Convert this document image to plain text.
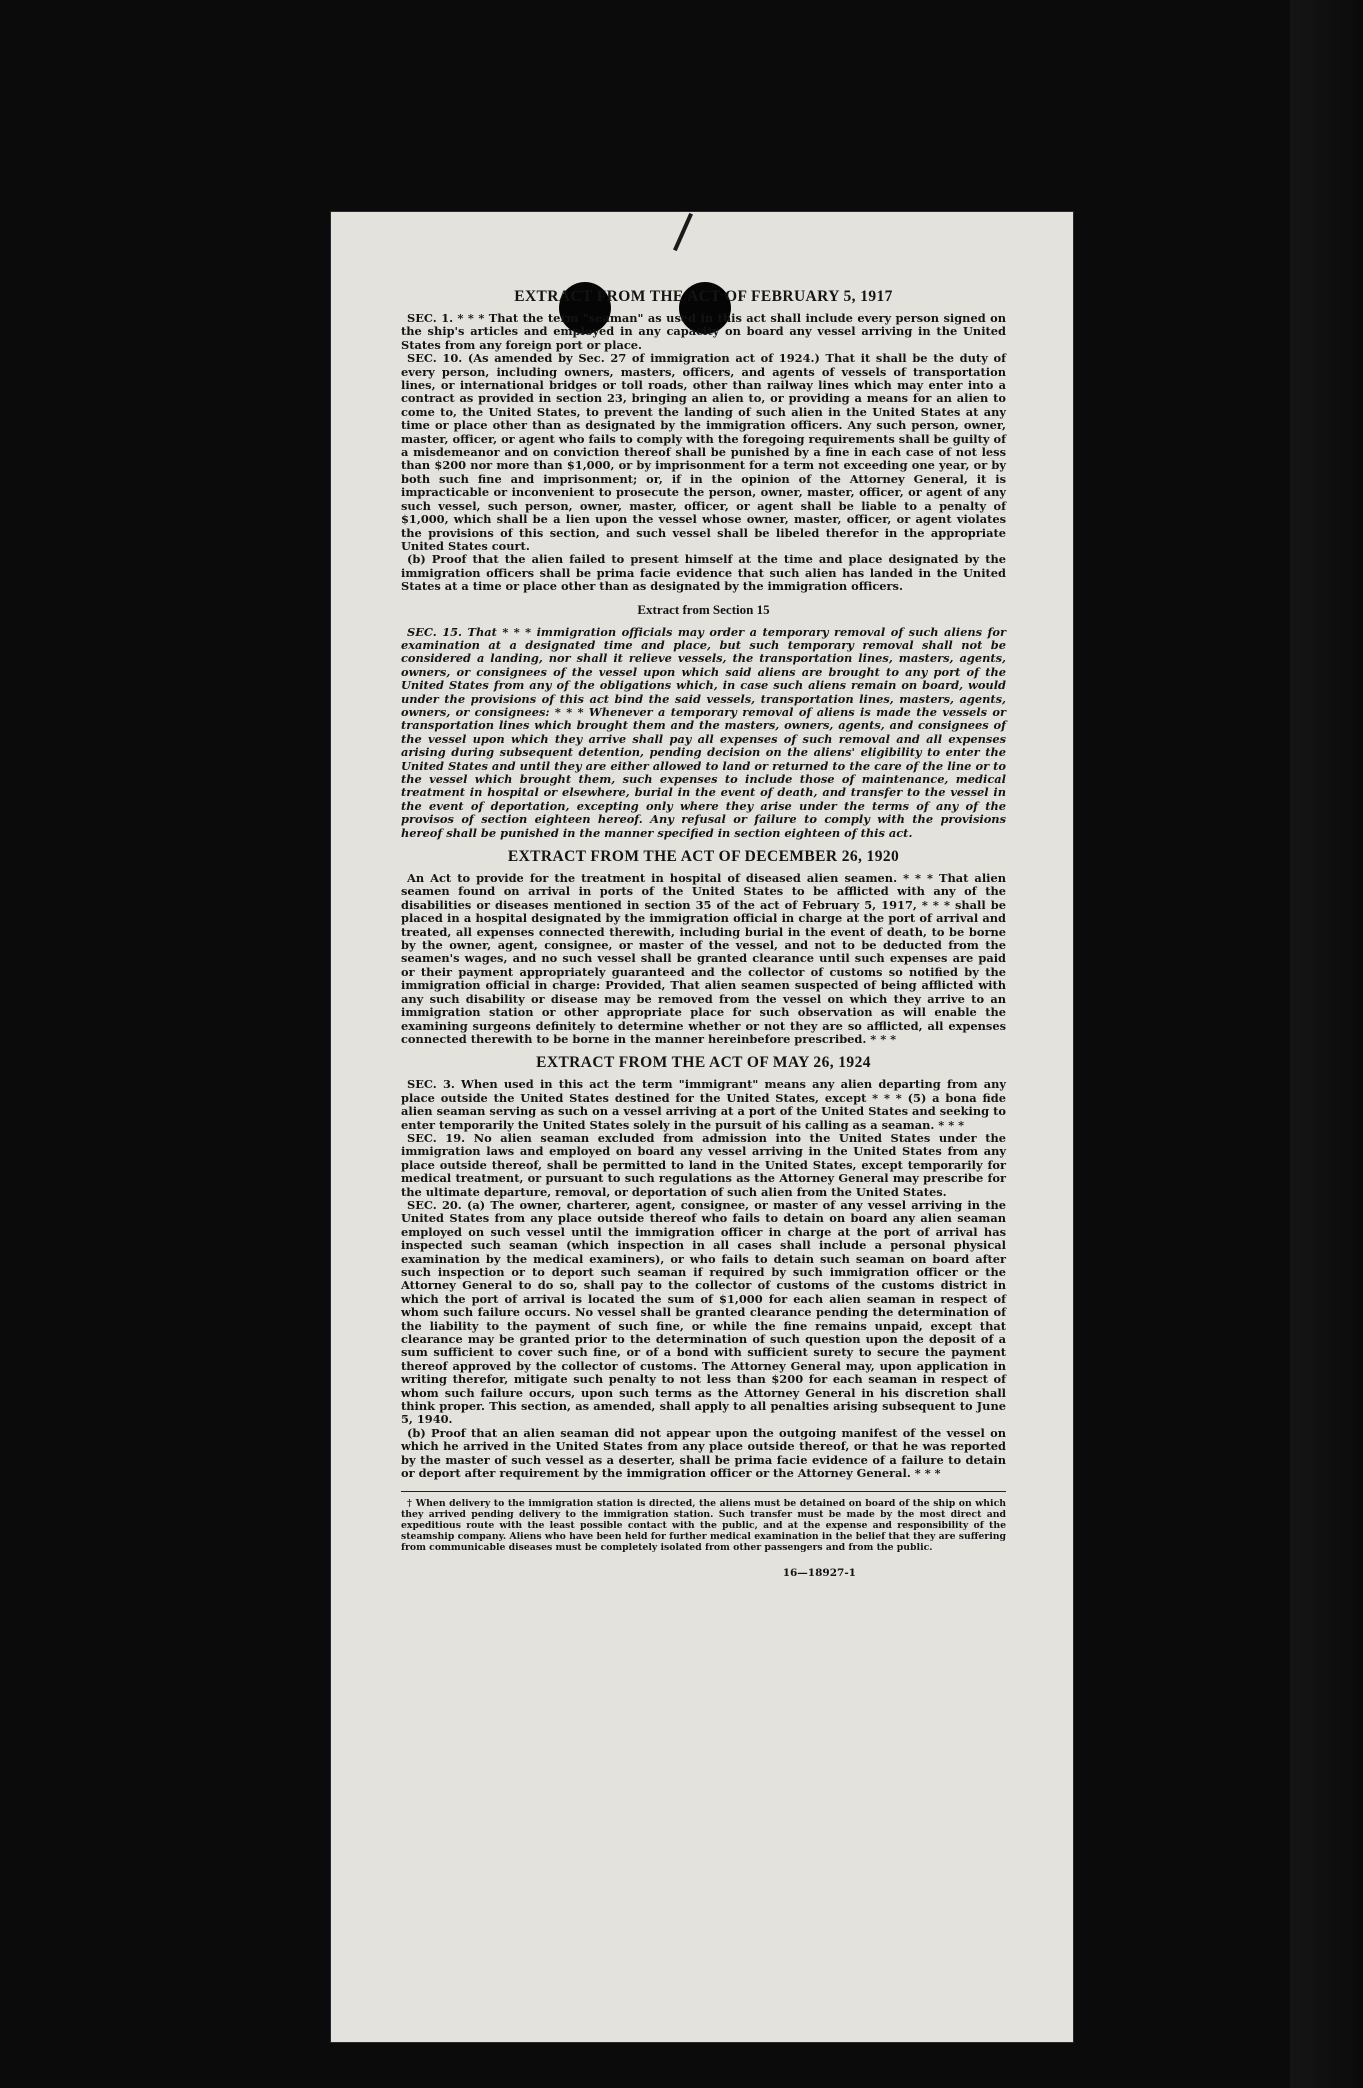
EXTRACT FROM THE ACT OF FEBRUARY 5, 1917

SEC. 1. * * * That the term "seaman" as used in this act shall include every person signed on the ship's articles and employed in any capacity on board any vessel arriving in the United States from any foreign port or place.

SEC. 10. (As amended by Sec. 27 of immigration act of 1924.) That it shall be the duty of every person, including owners, masters, officers, and agents of vessels of transportation lines, or international bridges or toll roads, other than railway lines which may enter into a contract as provided in section 23, bringing an alien to, or providing a means for an alien to come to, the United States, to prevent the landing of such alien in the United States at any time or place other than as designated by the immigration officers. Any such person, owner, master, officer, or agent who fails to comply with the foregoing requirements shall be guilty of a misdemeanor and on conviction thereof shall be punished by a fine in each case of not less than $200 nor more than $1,000, or by imprisonment for a term not exceeding one year, or by both such fine and imprisonment; or, if in the opinion of the Attorney General, it is impracticable or inconvenient to prosecute the person, owner, master, officer, or agent of any such vessel, such person, owner, master, officer, or agent shall be liable to a penalty of $1,000, which shall be a lien upon the vessel whose owner, master, officer, or agent violates the provisions of this section, and such vessel shall be libeled therefor in the appropriate United States court.

(b) Proof that the alien failed to present himself at the time and place designated by the immigration officers shall be prima facie evidence that such alien has landed in the United States at a time or place other than as designated by the immigration officers.

Extract from Section 15

SEC. 15. That * * * immigration officials may order a temporary removal of such aliens for examination at a designated time and place, but such temporary removal shall not be considered a landing, nor shall it relieve vessels, the transportation lines, masters, agents, owners, or consignees of the vessel upon which said aliens are brought to any port of the United States from any of the obligations which, in case such aliens remain on board, would under the provisions of this act bind the said vessels, transportation lines, masters, agents, owners, or consignees: * * * Whenever a temporary removal of aliens is made the vessels or transportation lines which brought them and the masters, owners, agents, and consignees of the vessel upon which they arrive shall pay all expenses of such removal and all expenses arising during subsequent detention, pending decision on the aliens' eligibility to enter the United States and until they are either allowed to land or returned to the care of the line or to the vessel which brought them, such expenses to include those of maintenance, medical treatment in hospital or elsewhere, burial in the event of death, and transfer to the vessel in the event of deportation, excepting only where they arise under the terms of any of the provisos of section eighteen hereof. Any refusal or failure to comply with the provisions hereof shall be punished in the manner specified in section eighteen of this act.

EXTRACT FROM THE ACT OF DECEMBER 26, 1920

An Act to provide for the treatment in hospital of diseased alien seamen. * * * That alien seamen found on arrival in ports of the United States to be afflicted with any of the disabilities or diseases mentioned in section 35 of the act of February 5, 1917, * * * shall be placed in a hospital designated by the immigration official in charge at the port of arrival and treated, all expenses connected therewith, including burial in the event of death, to be borne by the owner, agent, consignee, or master of the vessel, and not to be deducted from the seamen's wages, and no such vessel shall be granted clearance until such expenses are paid or their payment appropriately guaranteed and the collector of customs so notified by the immigration official in charge: Provided, That alien seamen suspected of being afflicted with any such disability or disease may be removed from the vessel on which they arrive to an immigration station or other appropriate place for such observation as will enable the examining surgeons definitely to determine whether or not they are so afflicted, all expenses connected therewith to be borne in the manner hereinbefore prescribed. * * *

EXTRACT FROM THE ACT OF MAY 26, 1924

SEC. 3. When used in this act the term "immigrant" means any alien departing from any place outside the United States destined for the United States, except * * * (5) a bona fide alien seaman serving as such on a vessel arriving at a port of the United States and seeking to enter temporarily the United States solely in the pursuit of his calling as a seaman. * * *

SEC. 19. No alien seaman excluded from admission into the United States under the immigration laws and employed on board any vessel arriving in the United States from any place outside thereof, shall be permitted to land in the United States, except temporarily for medical treatment, or pursuant to such regulations as the Attorney General may prescribe for the ultimate departure, removal, or deportation of such alien from the United States.

SEC. 20. (a) The owner, charterer, agent, consignee, or master of any vessel arriving in the United States from any place outside thereof who fails to detain on board any alien seaman employed on such vessel until the immigration officer in charge at the port of arrival has inspected such seaman (which inspection in all cases shall include a personal physical examination by the medical examiners), or who fails to detain such seaman on board after such inspection or to deport such seaman if required by such immigration officer or the Attorney General to do so, shall pay to the collector of customs of the customs district in which the port of arrival is located the sum of $1,000 for each alien seaman in respect of whom such failure occurs. No vessel shall be granted clearance pending the determination of the liability to the payment of such fine, or while the fine remains unpaid, except that clearance may be granted prior to the determination of such question upon the deposit of a sum sufficient to cover such fine, or of a bond with sufficient surety to secure the payment thereof approved by the collector of customs. The Attorney General may, upon application in writing therefor, mitigate such penalty to not less than $200 for each seaman in respect of whom such failure occurs, upon such terms as the Attorney General in his discretion shall think proper. This section, as amended, shall apply to all penalties arising subsequent to June 5, 1940.

(b) Proof that an alien seaman did not appear upon the outgoing manifest of the vessel on which he arrived in the United States from any place outside thereof, or that he was reported by the master of such vessel as a deserter, shall be prima facie evidence of a failure to detain or deport after requirement by the immigration officer or the Attorney General. * * *

† When delivery to the immigration station is directed, the aliens must be detained on board of the ship on which they arrived pending delivery to the immigration station. Such transfer must be made by the most direct and expeditious route with the least possible contact with the public, and at the expense and responsibility of the steamship company. Aliens who have been held for further medical examination in the belief that they are suffering from communicable diseases must be completely isolated from other passengers and from the public.

16—18927-1
